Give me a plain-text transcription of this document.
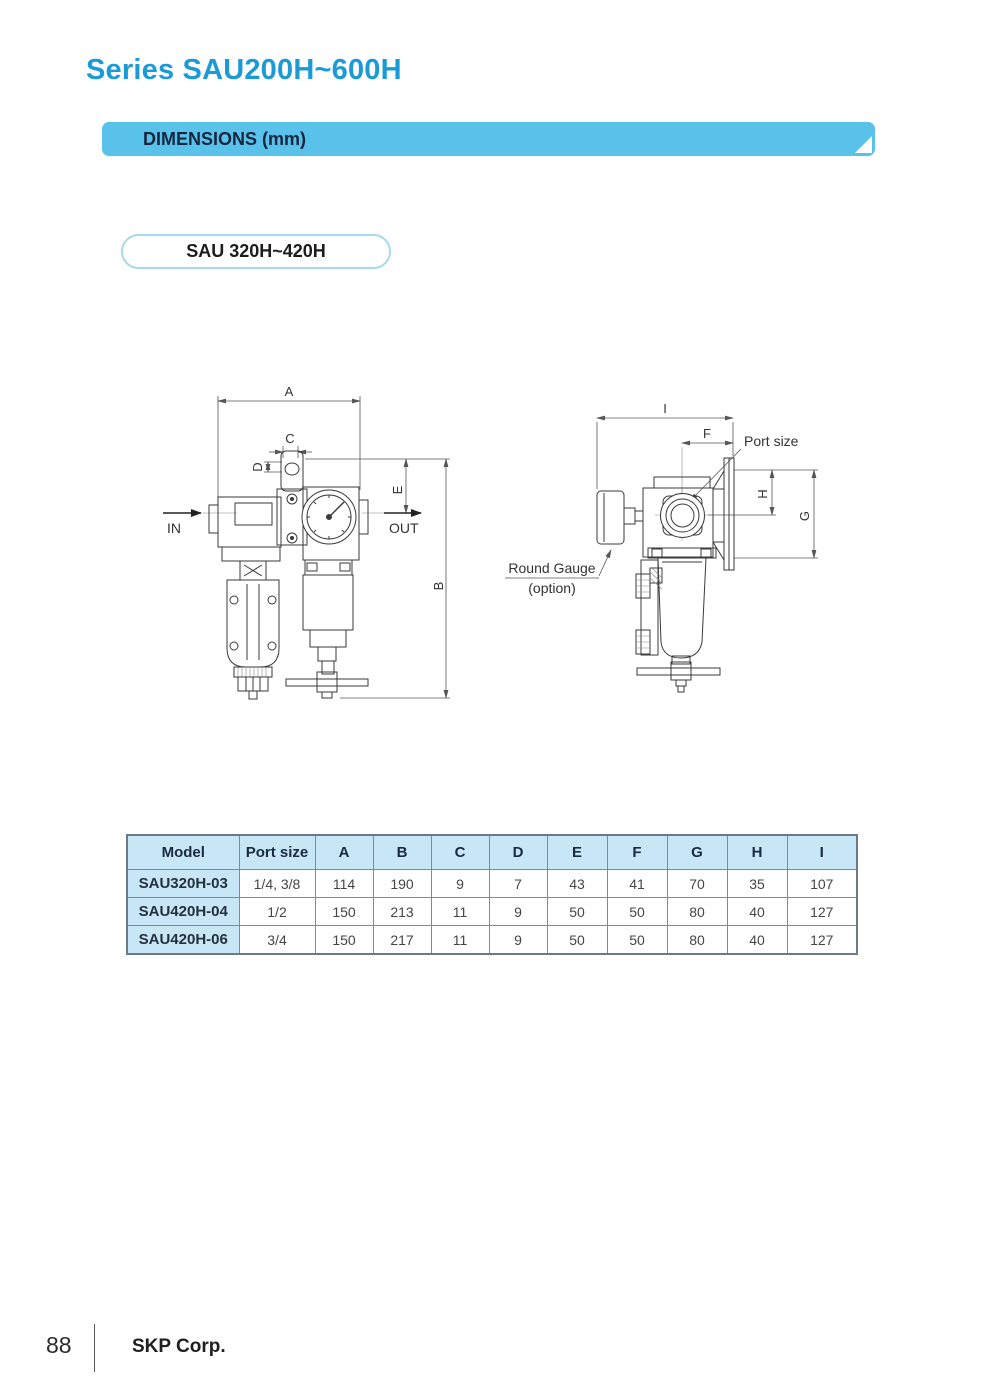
Series SAU200H~600H
DIMENSIONS (mm)
SAU 320H~420H
A
C
D
E
B
IN	OUT
I
F Port size
H
G
Round Gauge
(option)
Model	Port size	A	B	C	D	E	F	G	H	I
SAU320H-03	1/4, 3/8	114	190	9	7	43	41	70	35	107
SAU420H-04	1/2	150	213	11	9	50	50	80	40	127
SAU420H-06	3/4	150	217	11	9	50	50	80	40	127
88	SKP Corp.
